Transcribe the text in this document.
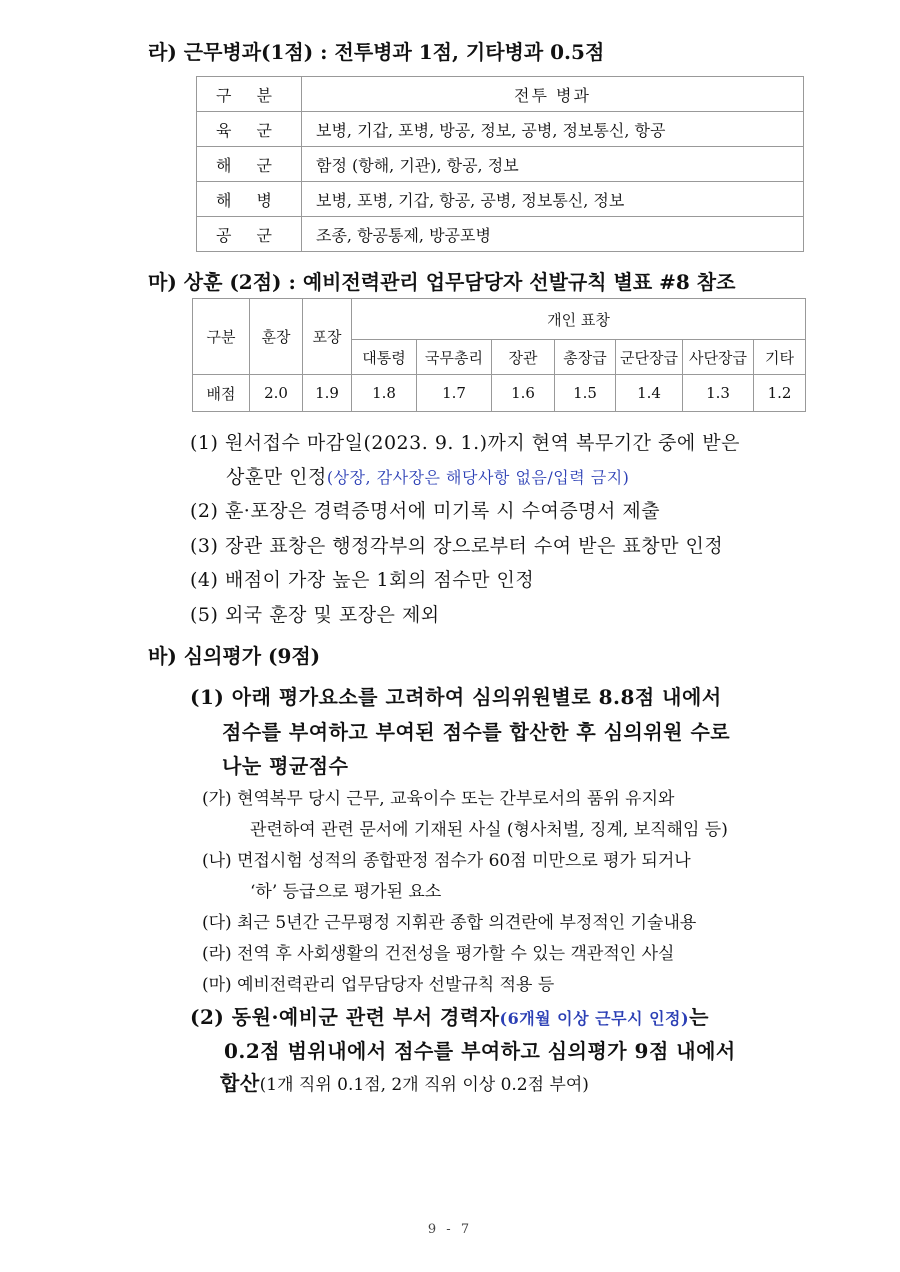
라) 근무병과(1점) : 전투병과 1점, 기타병과 0.5점
구 분	전투 병과
육 군	보병, 기갑, 포병, 방공, 정보, 공병, 정보통신, 항공
해 군	함정 (항해, 기관), 항공, 정보
해 병	보병, 포병, 기갑, 항공, 공병, 정보통신, 정보
공 군	조종, 항공통제, 방공포병
마) 상훈 (2점) : 예비전력관리 업무담당자 선발규칙 별표 #8 참조
구분	훈장	포장	개인 표창						
			대통령	국무총리	장관	총장급	군단장급	사단장급	기타
배점	2.0	1.9	1.8	1.7	1.6	1.5	1.4	1.3	1.2
(1) 원서접수 마감일(2023. 9. 1.)까지 현역 복무기간 중에 받은
상훈만 인정(상장, 감사장은 해당사항 없음/입력 금지)
(2) 훈·포장은 경력증명서에 미기록 시 수여증명서 제출
(3) 장관 표창은 행정각부의 장으로부터 수여 받은 표창만 인정
(4) 배점이 가장 높은 1회의 점수만 인정
(5) 외국 훈장 및 포장은 제외
바) 심의평가 (9점)
(1) 아래 평가요소를 고려하여 심의위원별로 8.8점 내에서
점수를 부여하고 부여된 점수를 합산한 후 심의위원 수로
나눈 평균점수
(가) 현역복무 당시 근무, 교육이수 또는 간부로서의 품위 유지와
관련하여 관련 문서에 기재된 사실 (형사처벌, 징계, 보직해임 등)
(나) 면접시험 성적의 종합판정 점수가 60점 미만으로 평가 되거나
‘하’ 등급으로 평가된 요소
(다) 최근 5년간 근무평정 지휘관 종합 의견란에 부정적인 기술내용
(라) 전역 후 사회생활의 건전성을 평가할 수 있는 객관적인 사실
(마) 예비전력관리 업무담당자 선발규칙 적용 등
(2) 동원·예비군 관련 부서 경력자(6개월 이상 근무시 인정)는
0.2점 범위내에서 점수를 부여하고 심의평가 9점 내에서
합산(1개 직위 0.1점, 2개 직위 이상 0.2점 부여)
9 - 7
